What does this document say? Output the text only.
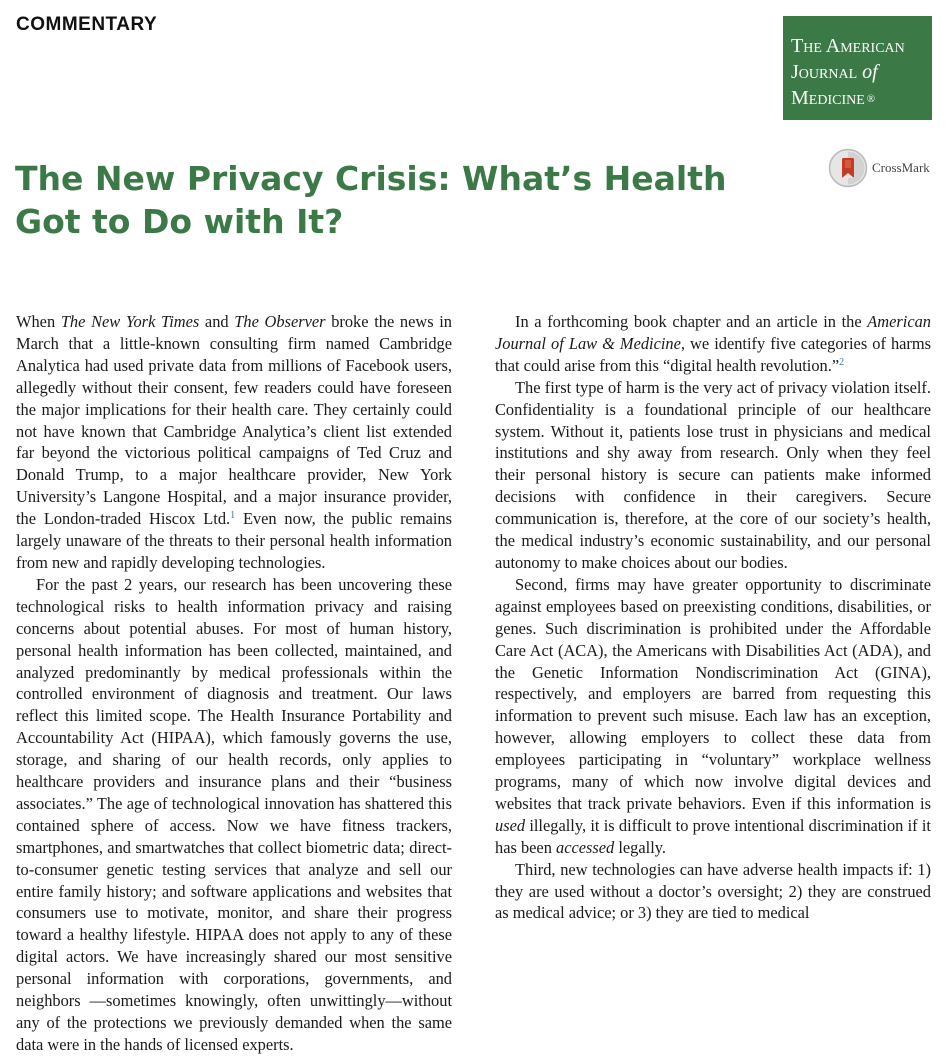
COMMENTARY
The American
Journal of
Medicine ®
CrossMark
The New Privacy Crisis: What’s Health Got to Do with It?

When The New York Times and The Observer broke the news in March that a little-known consulting firm named Cambridge Analytica had used private data from millions of Facebook users, allegedly without their consent, few readers could have foreseen the major implications for their health care. They certainly could not have known that Cambridge Analytica’s client list extended far beyond the victorious political campaigns of Ted Cruz and Donald Trump, to a major healthcare provider, New York University’s Langone Hospital, and a major insurance provider, the London-traded Hiscox Ltd.$^1$ Even now, the public remains largely unaware of the threats to their personal health information from new and rapidly developing technologies.

For the past 2 years, our research has been uncovering these technological risks to health information privacy and raising concerns about potential abuses. For most of human history, personal health information has been collected, maintained, and analyzed predominantly by medical professionals within the controlled environment of diagnosis and treatment. Our laws reflect this limited scope. The Health Insurance Portability and Accountability Act (HIPAA), which famously governs the use, storage, and sharing of our health records, only applies to healthcare providers and insurance plans and their “business associates.” The age of technological innovation has shattered this contained sphere of access. Now we have fitness trackers, smartphones, and smartwatches that collect biometric data; direct-to-consumer genetic testing services that analyze and sell our entire family history; and software applications and websites that consumers use to motivate, monitor, and share their progress toward a healthy lifestyle. HIPAA does not apply to any of these digital actors. We have increasingly shared our most sensitive personal information with corporations, governments, and neighbors —sometimes knowingly, often unwittingly—without any of the protections we previously demanded when the same data were in the hands of licensed experts.

In a forthcoming book chapter and an article in the American Journal of Law & Medicine, we identify five categories of harms that could arise from this “digital health revolution.”$^2$

The first type of harm is the very act of privacy violation itself. Confidentiality is a foundational principle of our healthcare system. Without it, patients lose trust in physicians and medical institutions and shy away from research. Only when they feel their personal history is secure can patients make informed decisions with confidence in their caregivers. Secure communication is, therefore, at the core of our society’s health, the medical industry’s economic sustainability, and our personal autonomy to make choices about our bodies.

Second, firms may have greater opportunity to discriminate against employees based on preexisting conditions, disabilities, or genes. Such discrimination is prohibited under the Affordable Care Act (ACA), the Americans with Disabilities Act (ADA), and the Genetic Information Nondiscrimination Act (GINA), respectively, and employers are barred from requesting this information to prevent such misuse. Each law has an exception, however, allowing employers to collect these data from employees participating in “voluntary” workplace wellness programs, many of which now involve digital devices and websites that track private behaviors. Even if this information is used illegally, it is difficult to prove intentional discrimination if it has been accessed legally.

Third, new technologies can have adverse health impacts if: 1) they are used without a doctor’s oversight; 2) they are construed as medical advice; or 3) they are tied to medical
